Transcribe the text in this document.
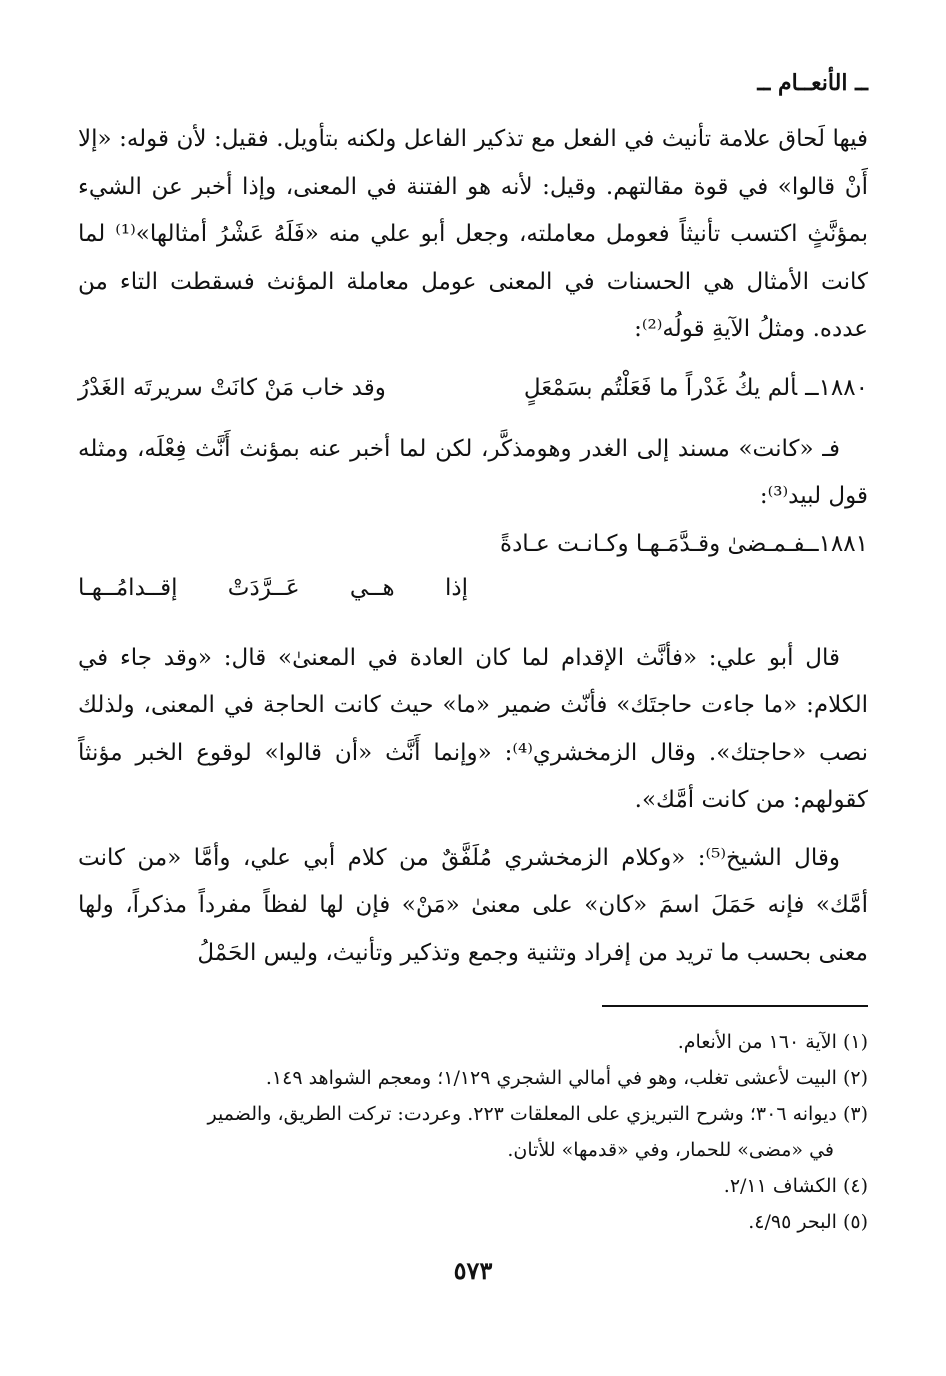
ــ الأنعــام ــ

فيها لَحاق علامة تأنيث في الفعل مع تذكير الفاعل ولكنه بتأويل. فقيل: لأن قوله: «إلا أَنْ قالوا» في قوة مقالتهم. وقيل: لأنه هو الفتنة في المعنى، وإذا أخبر عن الشيء بمؤنَّثٍ اكتسب تأنيثاً فعومل معاملته، وجعل أبو علي منه «فَلَهُ عَشْرُ أمثالها»⁽¹⁾ لما كانت الأمثال هي الحسنات في المعنى عومل معاملة المؤنث فسقطت التاء من عدده. ومثلُ الآيةِ قولُه⁽²⁾:

١٨٨٠ــألم يكُ غَدْراً ما فَعَلْتُم بسَمْعَلٍ
وقد خاب مَنْ كانَتْ سريرتَه الغَدْرُ

فـ «كانت» مسند إلى الغدر وهومذكَّر، لكن لما أخبر عنه بمؤنث أَنَّث فِعْلَه، ومثله قول لبيد⁽³⁾:

١٨٨١ــفـمـضىٰ وقـدَّمَـهـا وكـانـت عـادةً
إذا
هــي
عَــرَّدَتْ
إقــدامُــهـا

قال أبو علي: «فأنَّث الإقدام لما كان العادة في المعنىٰ» قال: «وقد جاء في الكلام: «ما جاءت حاجتَك» فأنّث ضمير «ما» حيث كانت الحاجة في المعنى، ولذلك نصب «حاجتك». وقال الزمخشري⁽⁴⁾: «وإنما أَنَّث «أن قالوا» لوقوع الخبر مؤنثاً كقولهم: من كانت أمَّك».

وقال الشيخ⁽⁵⁾: «وكلام الزمخشري مُلَفَّقٌ من كلام أبي علي، وأمَّا «من كانت أمَّك» فإنه حَمَلَ اسمَ «كان» على معنىٰ «مَنْ» فإن لها لفظاً مفرداً مذكراً، ولها معنى بحسب ما تريد من إفراد وتثنية وجمع وتذكير وتأنيث، وليس الحَمْلُ

(١) الآية ١٦٠ من الأنعام.

(٢) البيت لأعشى تغلب، وهو في أمالي الشجري ١/١٢٩؛ ومعجم الشواهد ١٤٩.

(٣) ديوانه ٣٠٦؛ وشرح التبريزي على المعلقات ٢٢٣. وعردت: تركت الطريق، والضمير

في «مضى» للحمار، وفي «قدمها» للأتان.

(٤) الكشاف ٢/١١.

(٥) البحر ٤/٩٥.

٥٧٣
